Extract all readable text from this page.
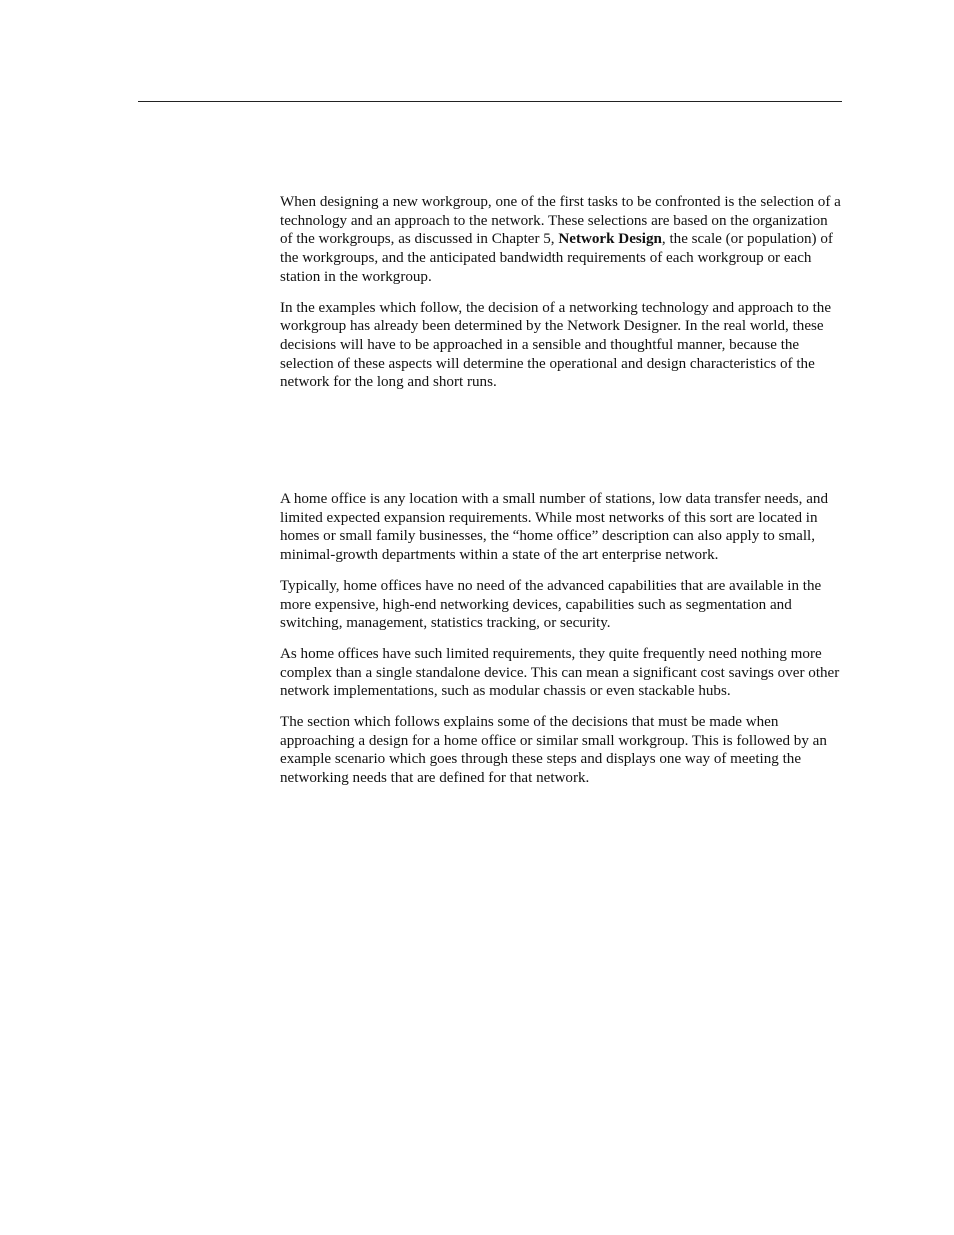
When designing a new workgroup, one of the first tasks to be confronted is the selection of a technology and an approach to the network. These selections are based on the organization of the workgroups, as discussed in Chapter 5, Network Design, the scale (or population) of the workgroups, and the anticipated bandwidth requirements of each workgroup or each station in the workgroup.

In the examples which follow, the decision of a networking technology and approach to the workgroup has already been determined by the Network Designer. In the real world, these decisions will have to be approached in a sensible and thoughtful manner, because the selection of these aspects will determine the operational and design characteristics of the network for the long and short runs.

A home office is any location with a small number of stations, low data transfer needs, and limited expected expansion requirements. While most networks of this sort are located in homes or small family businesses, the “home office” description can also apply to small, minimal-growth departments within a state of the art enterprise network.

Typically, home offices have no need of the advanced capabilities that are available in the more expensive, high-end networking devices, capabilities such as segmentation and switching, management, statistics tracking, or security.

As home offices have such limited requirements, they quite frequently need nothing more complex than a single standalone device. This can mean a significant cost savings over other network implementations, such as modular chassis or even stackable hubs.

The section which follows explains some of the decisions that must be made when approaching a design for a home office or similar small workgroup. This is followed by an example scenario which goes through these steps and displays one way of meeting the networking needs that are defined for that network.
